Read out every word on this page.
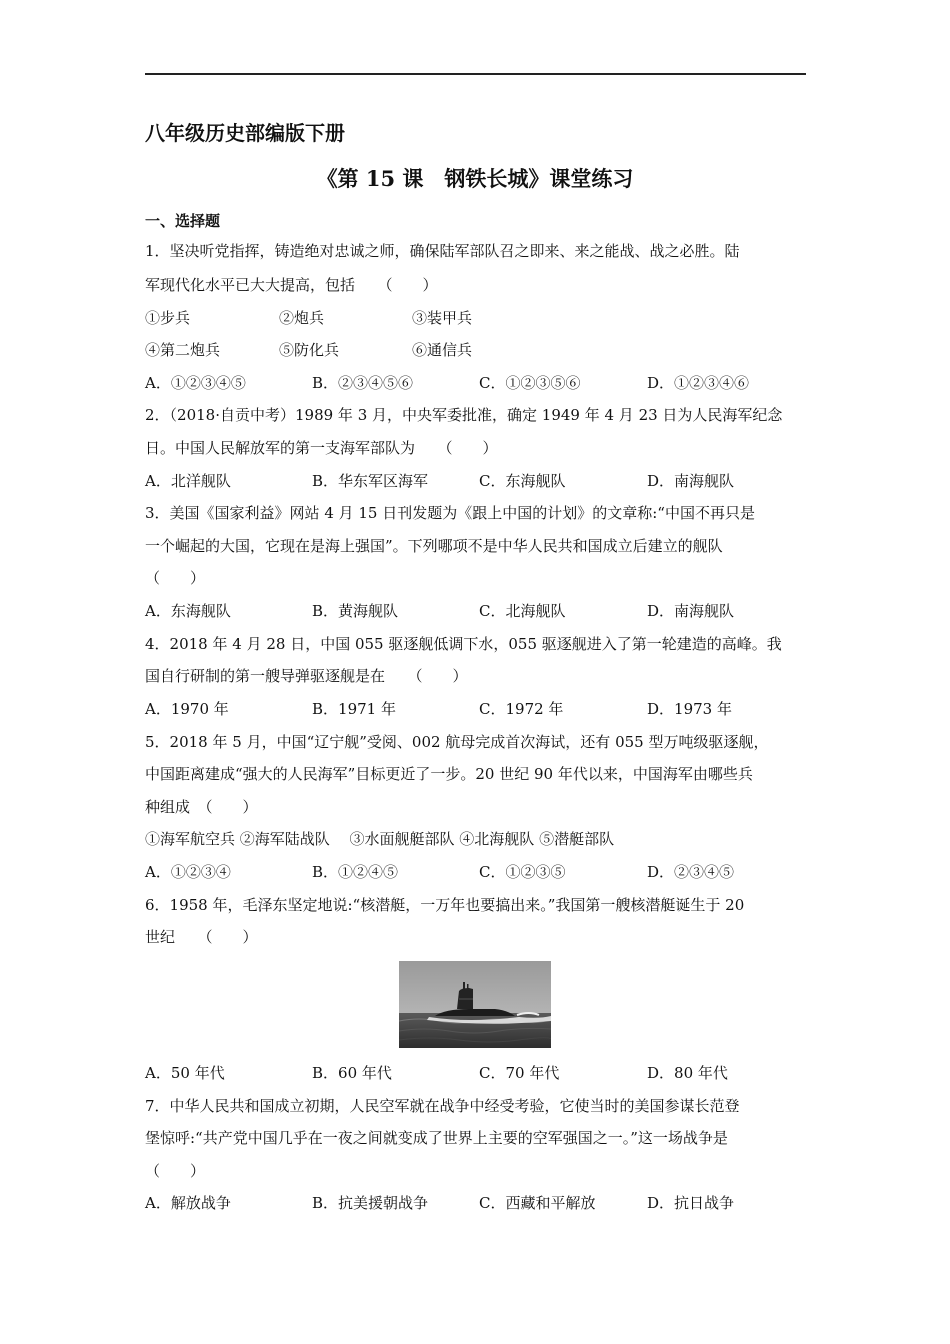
八年级历史部编版下册
《第 15 课　钢铁长城》课堂练习
一、选择题
1．坚决听党指挥，铸造绝对忠诚之师，确保陆军部队召之即来、来之能战、战之必胜。陆
军现代化水平已大大提高，包括　　（　　）
①步兵	②炮兵	③装甲兵
④第二炮兵	⑤防化兵	⑥通信兵
A．①②③④⑤	B．②③④⑤⑥	C．①②③⑤⑥	D．①②③④⑥
2．（2018·自贡中考）1989 年 3 月，中央军委批准，确定 1949 年 4 月 23 日为人民海军纪念
日。中国人民解放军的第一支海军部队为　　（　　）
A．北洋舰队	B．华东军区海军	C．东海舰队	D．南海舰队
3．美国《国家利益》网站 4 月 15 日刊发题为《跟上中国的计划》的文章称:“中国不再只是
一个崛起的大国，它现在是海上强国”。下列哪项不是中华人民共和国成立后建立的舰队
（　　）
A．东海舰队	B．黄海舰队	C．北海舰队	D．南海舰队
4．2018 年 4 月 28 日，中国 055 驱逐舰低调下水，055 驱逐舰进入了第一轮建造的高峰。我
国自行研制的第一艘导弹驱逐舰是在　　（　　）
A．1970 年	B．1971 年	C．1972 年	D．1973 年
5．2018 年 5 月，中国“辽宁舰”受阅、002 航母完成首次海试，还有 055 型万吨级驱逐舰，
中国距离建成“强大的人民海军”目标更近了一步。20 世纪 90 年代以来，中国海军由哪些兵
种组成　（　　）
①海军航空兵 ②海军陆战队　 ③水面舰艇部队 ④北海舰队 ⑤潜艇部队
A．①②③④	B．①②④⑤	C．①②③⑤	D．②③④⑤
6．1958 年，毛泽东坚定地说:“核潜艇，一万年也要搞出来。”我国第一艘核潜艇诞生于 20
世纪　　（　　）
A．50 年代	B．60 年代	C．70 年代	D．80 年代
7．中华人民共和国成立初期，人民空军就在战争中经受考验，它使当时的美国参谋长范登
堡惊呼:“共产党中国几乎在一夜之间就变成了世界上主要的空军强国之一。”这一场战争是
（　　）
A．解放战争	B．抗美援朝战争	C．西藏和平解放	D．抗日战争
